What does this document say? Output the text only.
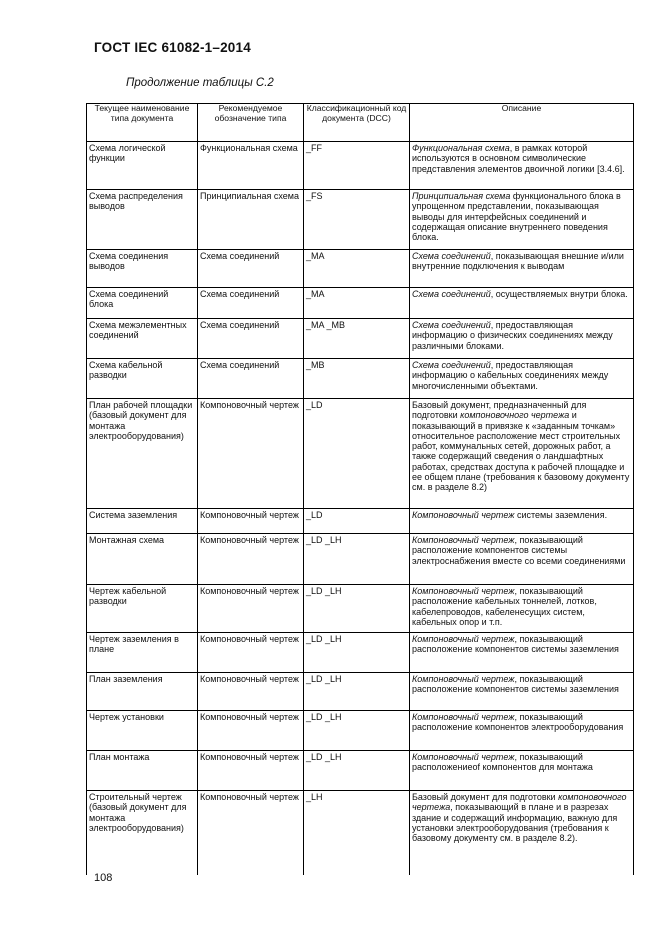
ГОСТ IEC 61082-1–2014
Продолжение таблицы С.2
Текущее наименование типа документа	Рекомендуемое обозначение типа	Классификационный код документа (DCC)	Описание
Схема логической функции	Функциональная схема	_FF	Функциональная схема, в рамках которой используются в основном символические представления элементов двоичной логики [3.4.6].
Схема распределения выводов	Принципиальная схема	_FS	Принципиальная схема функционального блока в упрощенном представлении, показывающая выводы для интерфейсных соединений и содержащая описание внутреннего поведения блока.
Схема соединения выводов	Схема соединений	_MA	Схема соединений, показывающая внешние и/или внутренние подключения к выводам
Схема соединений блока	Схема соединений	_MA	Схема соединений, осуществляемых внутри блока.
Схема межэлементных соединений	Схема соединений	_MA _MB	Схема соединений, предоставляющая информацию о физических соединениях между различными блоками.
Схема кабельной разводки	Схема соединений	_MB	Схема соединений, предоставляющая информацию о кабельных соединениях между многочисленными объектами.
План рабочей площадки (базовый документ для монтажа электрооборудования)	Компоновочный чертеж	_LD	Базовый документ, предназначенный для подготовки компоновочного чертежа и показывающий в привязке к «заданным точкам» относительное расположение мест строительных работ, коммунальных сетей, дорожных работ, а также содержащий сведения о ландшафтных работах, средствах доступа к рабочей площадке и ее общем плане (требования к базовому документу см. в разделе 8.2)
Система заземления	Компоновочный чертеж	_LD	Компоновочный чертеж системы заземления.
Монтажная схема	Компоновочный чертеж	_LD _LH	Компоновочный чертеж, показывающий расположение компонентов системы электроснабжения вместе со всеми соединениями
Чертеж кабельной разводки	Компоновочный чертеж	_LD _LH	Компоновочный чертеж, показывающий расположение кабельных тоннелей, лотков, кабелепроводов, кабеленесущих систем, кабельных опор и т.п.
Чертеж заземления в плане	Компоновочный чертеж	_LD _LH	Компоновочный чертеж, показывающий расположение компонентов системы заземления
План заземления	Компоновочный чертеж	_LD _LH	Компоновочный чертеж, показывающий расположение компонентов системы заземления
Чертеж установки	Компоновочный чертеж	_LD _LH	Компоновочный чертеж, показывающий расположение компонентов электрооборудования
План монтажа	Компоновочный чертеж	_LD _LH	Компоновочный чертеж, показывающий расположениеof компонентов для монтажа
Строительный чертеж (базовый документ для монтажа электрооборудования)	Компоновочный чертеж	_LH	Базовый документ для подготовки компоновочного чертежа, показывающий в плане и в разрезах здание и содержащий информацию, важную для установки электрооборудования (требования к базовому документу см. в разделе 8.2).
108
